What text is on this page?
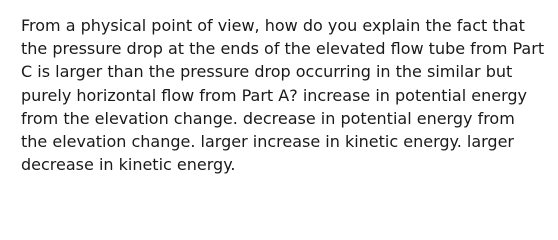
From a physical point of view, how do you explain the fact that the pressure drop at the ends of the elevated flow tube from Part C is larger than the pressure drop occurring in the similar but purely horizontal flow from Part A? increase in potential energy from the elevation change. decrease in potential energy from the elevation change. larger increase in kinetic energy. larger decrease in kinetic energy.
